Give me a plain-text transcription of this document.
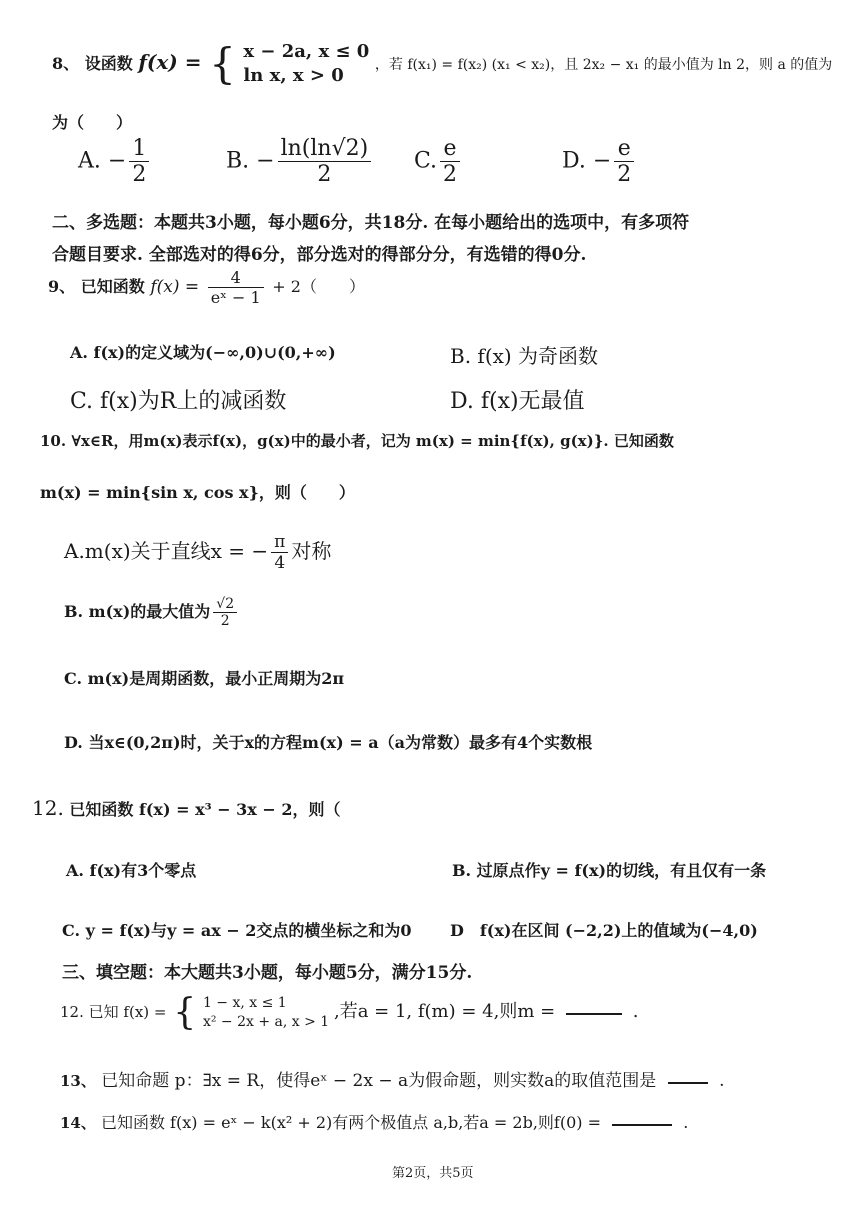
8、 设函数 f(x) = { x − 2a, x ≤ 0
ln x, x > 0
，若 f(x₁) = f(x₂) (x₁ < x₂)，且 2x₂ − x₁ 的最小值为 ln 2，则 a 的值为
为（　　）
A. − $\frac{1}{2}$	B. − $\frac{\ln(\ln√2)}{2} C$. $\frac{e}{2}$	D. − $\frac{e}{2}$
二、多选题：本题共3小题，每小题6分，共18分. 在每小题给出的选项中，有多项符
合题目要求. 全部选对的得6分，部分选对的得部分分，有选错的得0分.
9、 已知函数 $f(x) = \frac{4}{\text{eˣ − 1}} + 2$（　　）
A. f(x)的定义域为(−∞,0)∪(0,+∞)	B. f(x) 为奇函数
C. f(x)为R上的减函数	D. f(x)无最值
10. ∀x∈R，用m(x)表示f(x)，g(x)中的最小者，记为 m(x) = min{f(x), g(x)}. 已知函数
m(x) = min{sin x, cos x}，则（　　）
A.m(x)关于直线x = − $\frac{\pi}{4}$ 对称
B. m(x)的最大值为 $\frac{√2}{2}$
C. m(x)是周期函数，最小正周期为2π
D. 当x∈(0,2π)时，关于x的方程m(x) = a（a为常数）最多有4个实数根
12. 已知函数 f(x) = x³ − 3x − 2，则（
A. f(x)有3个零点	B. 过原点作y = f(x)的切线，有且仅有一条
C. y = f(x)与y = ax − 2交点的横坐标之和为0 D　f(x)在区间 (−2,2)上的值域为(−4,0)
三、填空题：本大题共3小题，每小题5分，满分15分.
12. 已知 f(x) = { 1 − x, x ≤ 1
x² − 2x + a, x > 1 ,若a = 1, f(m) = 4,则m =	.
13、 已知命题 p：∃x = R，使得eˣ − 2x − a为假命题，则实数a的取值范围是	.
14、 已知函数 f(x) = eˣ − k(x² + 2)有两个极值点 a,b,若a = 2b,则f(0) =	.
第2页，共5页
